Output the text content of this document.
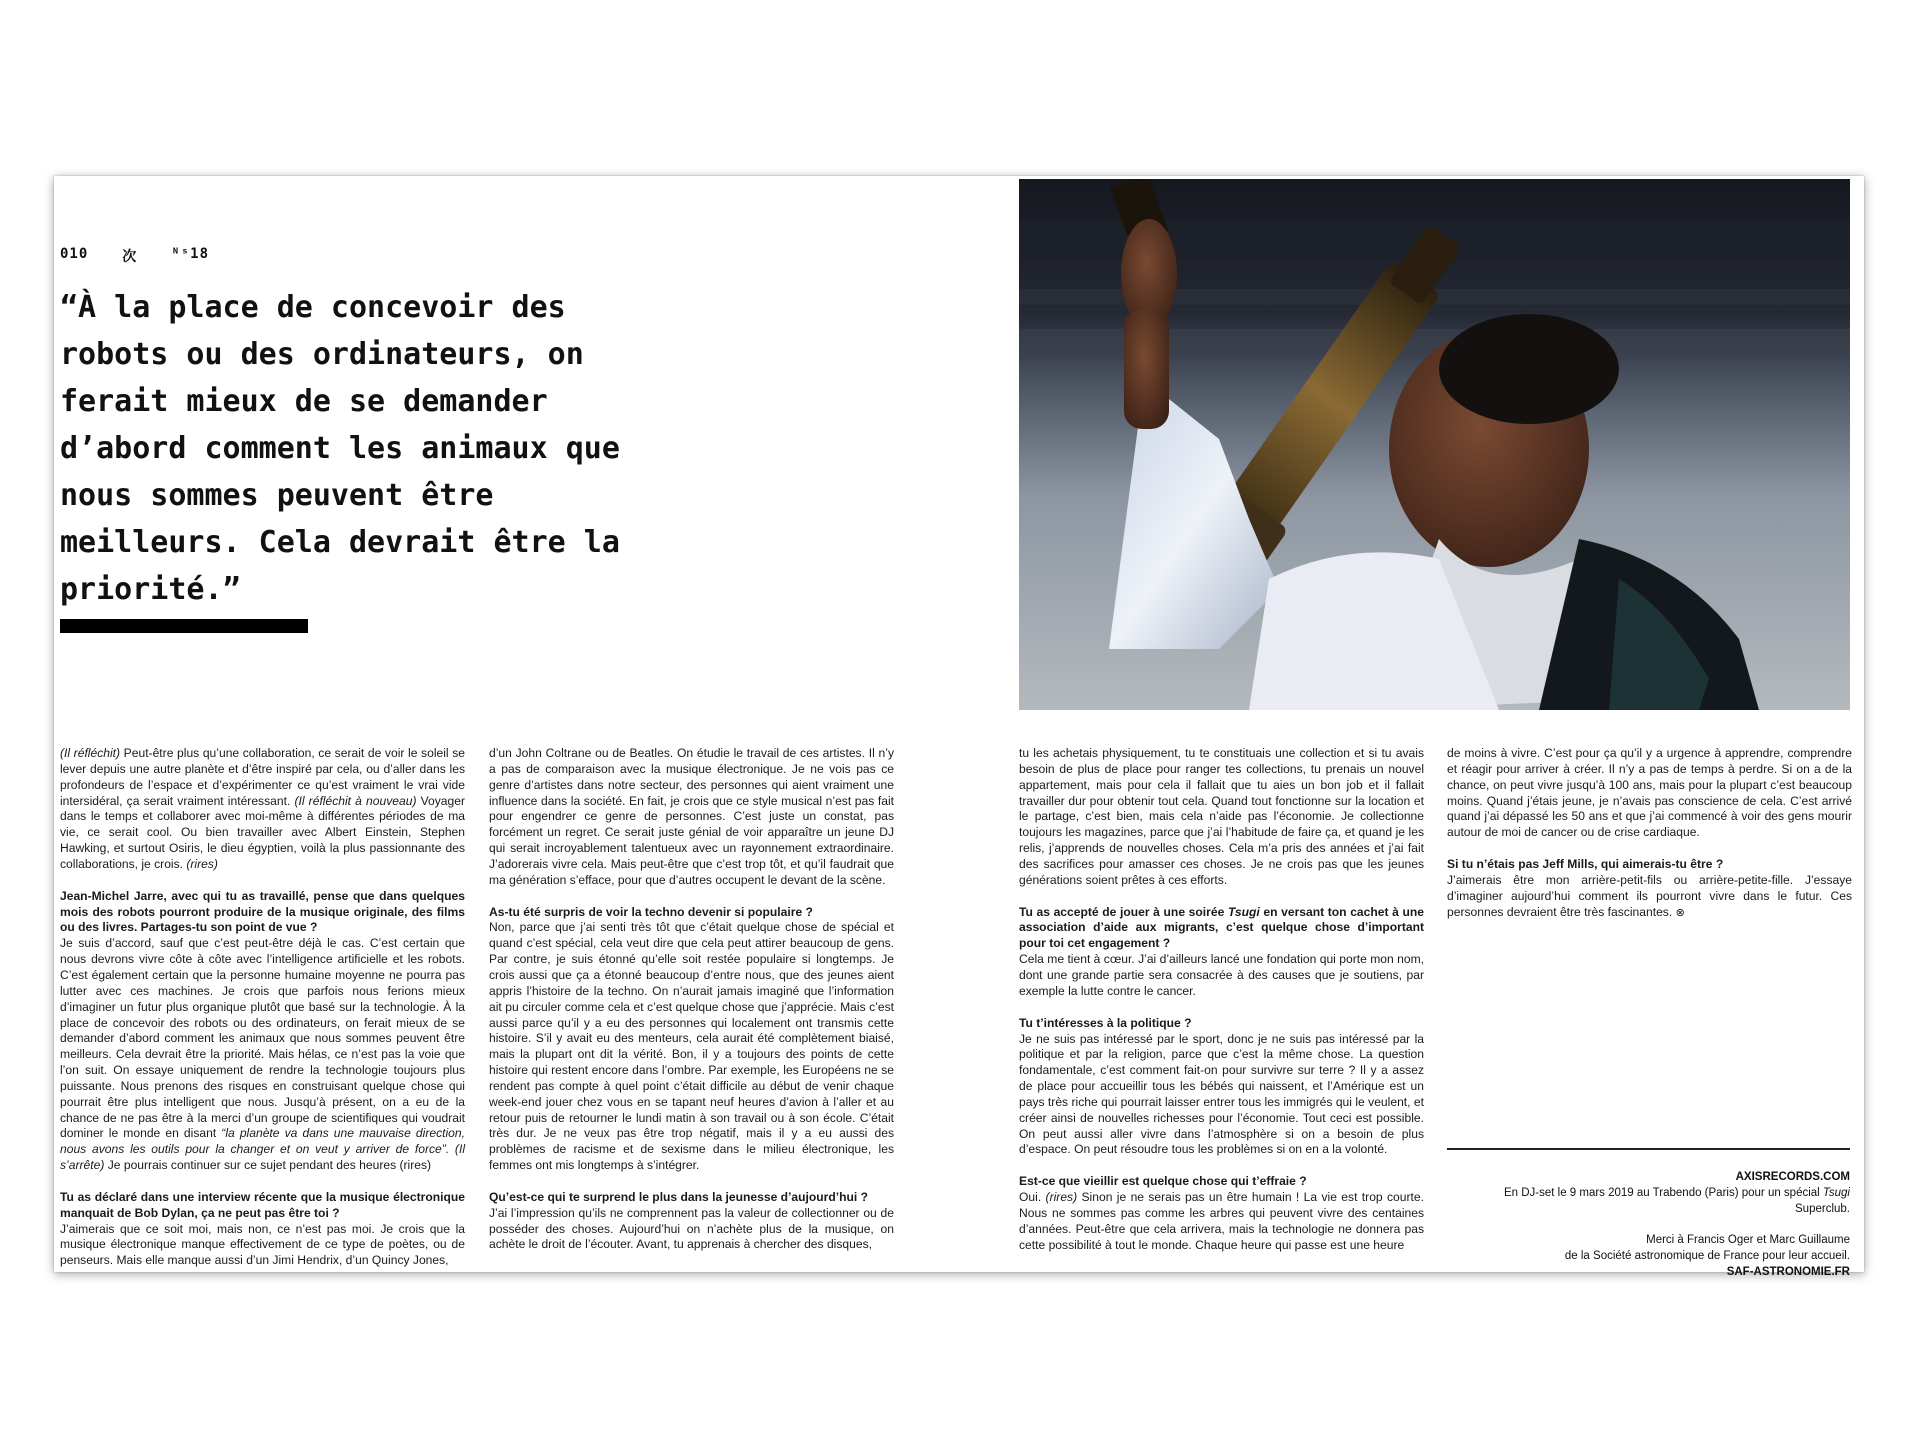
010 次 ᴺˢ18

“À la place de concevoir des robots ou des ordinateurs, on ferait mieux de se demander d’abord comment les animaux que nous sommes peuvent être meilleurs. Cela devrait être la priorité.”

(Il réfléchit) Peut-être plus qu’une collaboration, ce serait de voir le soleil se lever depuis une autre planète et d’être inspiré par cela, ou d’aller dans les profondeurs de l’espace et d’expérimenter ce qu’est vraiment le vrai vide intersidéral, ça serait vraiment intéressant. (Il réfléchit à nouveau) Voyager dans le temps et collaborer avec moi-même à différentes périodes de ma vie, ce serait cool. Ou bien travailler avec Albert Einstein, Stephen Hawking, et surtout Osiris, le dieu égyptien, voilà la plus passionnante des collaborations, je crois. (rires)

Jean-Michel Jarre, avec qui tu as travaillé, pense que dans quelques mois des robots pourront produire de la musique originale, des films ou des livres. Partages-tu son point de vue ?

Je suis d’accord, sauf que c’est peut-être déjà le cas. C’est certain que nous devrons vivre côte à côte avec l’intelligence artificielle et les robots. C’est également certain que la personne humaine moyenne ne pourra pas lutter avec ces machines. Je crois que parfois nous ferions mieux d’imaginer un futur plus organique plutôt que basé sur la technologie. À la place de concevoir des robots ou des ordinateurs, on ferait mieux de se demander d’abord comment les animaux que nous sommes peuvent être meilleurs. Cela devrait être la priorité. Mais hélas, ce n’est pas la voie que l’on suit. On essaye uniquement de rendre la technologie toujours plus puissante. Nous prenons des risques en construisant quelque chose qui pourrait être plus intelligent que nous. Jusqu’à présent, on a eu de la chance de ne pas être à la merci d’un groupe de scientifiques qui voudrait dominer le monde en disant “la planète va dans une mauvaise direction, nous avons les outils pour la changer et on veut y arriver de force”. (Il s’arrête) Je pourrais continuer sur ce sujet pendant des heures (rires)

Tu as déclaré dans une interview récente que la musique électronique manquait de Bob Dylan, ça ne peut pas être toi ?

J’aimerais que ce soit moi, mais non, ce n’est pas moi. Je crois que la musique électronique manque effectivement de ce type de poètes, ou de penseurs. Mais elle manque aussi d’un Jimi Hendrix, d’un Quincy Jones,

d’un John Coltrane ou de Beatles. On étudie le travail de ces artistes. Il n’y a pas de comparaison avec la musique électronique. Je ne vois pas ce genre d’artistes dans notre secteur, des personnes qui aient vraiment une influence dans la société. En fait, je crois que ce style musical n’est pas fait pour engendrer ce genre de personnes. C’est juste un constat, pas forcément un regret. Ce serait juste génial de voir apparaître un jeune DJ qui serait incroyablement talentueux avec un rayonnement extraordinaire. J’adorerais vivre cela. Mais peut-être que c’est trop tôt, et qu’il faudrait que ma génération s’efface, pour que d’autres occupent le devant de la scène.

As-tu été surpris de voir la techno devenir si populaire ?

Non, parce que j’ai senti très tôt que c’était quelque chose de spécial et quand c’est spécial, cela veut dire que cela peut attirer beaucoup de gens. Par contre, je suis étonné qu’elle soit restée populaire si longtemps. Je crois aussi que ça a étonné beaucoup d’entre nous, que des jeunes aient appris l’histoire de la techno. On n’aurait jamais imaginé que l’information ait pu circuler comme cela et c’est quelque chose que j’apprécie. Mais c’est aussi parce qu’il y a eu des personnes qui localement ont transmis cette histoire. S’il y avait eu des menteurs, cela aurait été complètement biaisé, mais la plupart ont dit la vérité. Bon, il y a toujours des points de cette histoire qui restent encore dans l’ombre. Par exemple, les Européens ne se rendent pas compte à quel point c’était difficile au début de venir chaque week-end jouer chez vous en se tapant neuf heures d’avion à l’aller et au retour puis de retourner le lundi matin à son travail ou à son école. C’était très dur. Je ne veux pas être trop négatif, mais il y a eu aussi des problèmes de racisme et de sexisme dans le milieu électronique, les femmes ont mis longtemps à s’intégrer.

Qu’est-ce qui te surprend le plus dans la jeunesse d’aujourd’hui ?

J’ai l’impression qu’ils ne comprennent pas la valeur de collectionner ou de posséder des choses. Aujourd’hui on n’achète plus de la musique, on achète le droit de l’écouter. Avant, tu apprenais à chercher des disques,

tu les achetais physiquement, tu te constituais une collection et si tu avais besoin de plus de place pour ranger tes collections, tu prenais un nouvel appartement, mais pour cela il fallait que tu aies un bon job et il fallait travailler dur pour obtenir tout cela. Quand tout fonctionne sur la location et le partage, c’est bien, mais cela n’aide pas l’économie. Je collectionne toujours les magazines, parce que j’ai l’habitude de faire ça, et quand je les relis, j’apprends de nouvelles choses. Cela m’a pris des années et j’ai fait des sacrifices pour amasser ces choses. Je ne crois pas que les jeunes générations soient prêtes à ces efforts.

Tu as accepté de jouer à une soirée Tsugi en versant ton cachet à une association d’aide aux migrants, c’est quelque chose d’important pour toi cet engagement ?

Cela me tient à cœur. J’ai d’ailleurs lancé une fondation qui porte mon nom, dont une grande partie sera consacrée à des causes que je soutiens, par exemple la lutte contre le cancer.

Tu t’intéresses à la politique ?

Je ne suis pas intéressé par le sport, donc je ne suis pas intéressé par la politique et par la religion, parce que c’est la même chose. La question fondamentale, c’est comment fait-on pour survivre sur terre ? Il y a assez de place pour accueillir tous les bébés qui naissent, et l’Amérique est un pays très riche qui pourrait laisser entrer tous les immigrés qui le veulent, et créer ainsi de nouvelles richesses pour l’économie. Tout ceci est possible. On peut aussi aller vivre dans l’atmosphère si on a besoin de plus d’espace. On peut résoudre tous les problèmes si on en a la volonté.

Est-ce que vieillir est quelque chose qui t’effraie ?

Oui. (rires) Sinon je ne serais pas un être humain ! La vie est trop courte. Nous ne sommes pas comme les arbres qui peuvent vivre des centaines d’années. Peut-être que cela arrivera, mais la technologie ne donnera pas cette possibilité à tout le monde. Chaque heure qui passe est une heure

de moins à vivre. C’est pour ça qu’il y a urgence à apprendre, comprendre et réagir pour arriver à créer. Il n’y a pas de temps à perdre. Si on a de la chance, on peut vivre jusqu’à 100 ans, mais pour la plupart c’est beaucoup moins. Quand j’étais jeune, je n’avais pas conscience de cela. C’est arrivé quand j’ai dépassé les 50 ans et que j’ai commencé à voir des gens mourir autour de moi de cancer ou de crise cardiaque.

Si tu n’étais pas Jeff Mills, qui aimerais-tu être ?

J’aimerais être mon arrière-petit-fils ou arrière-petite-fille. J’essaye d’imaginer aujourd’hui comment ils pourront vivre dans le futur. Ces personnes devraient être très fascinantes. ⊗

AXISRECORDS.COM
En DJ-set le 9 mars 2019 au Trabendo (Paris) pour un spécial Tsugi Superclub.
Merci à Francis Oger et Marc Guillaume
de la Société astronomique de France pour leur accueil.
SAF-ASTRONOMIE.FR
